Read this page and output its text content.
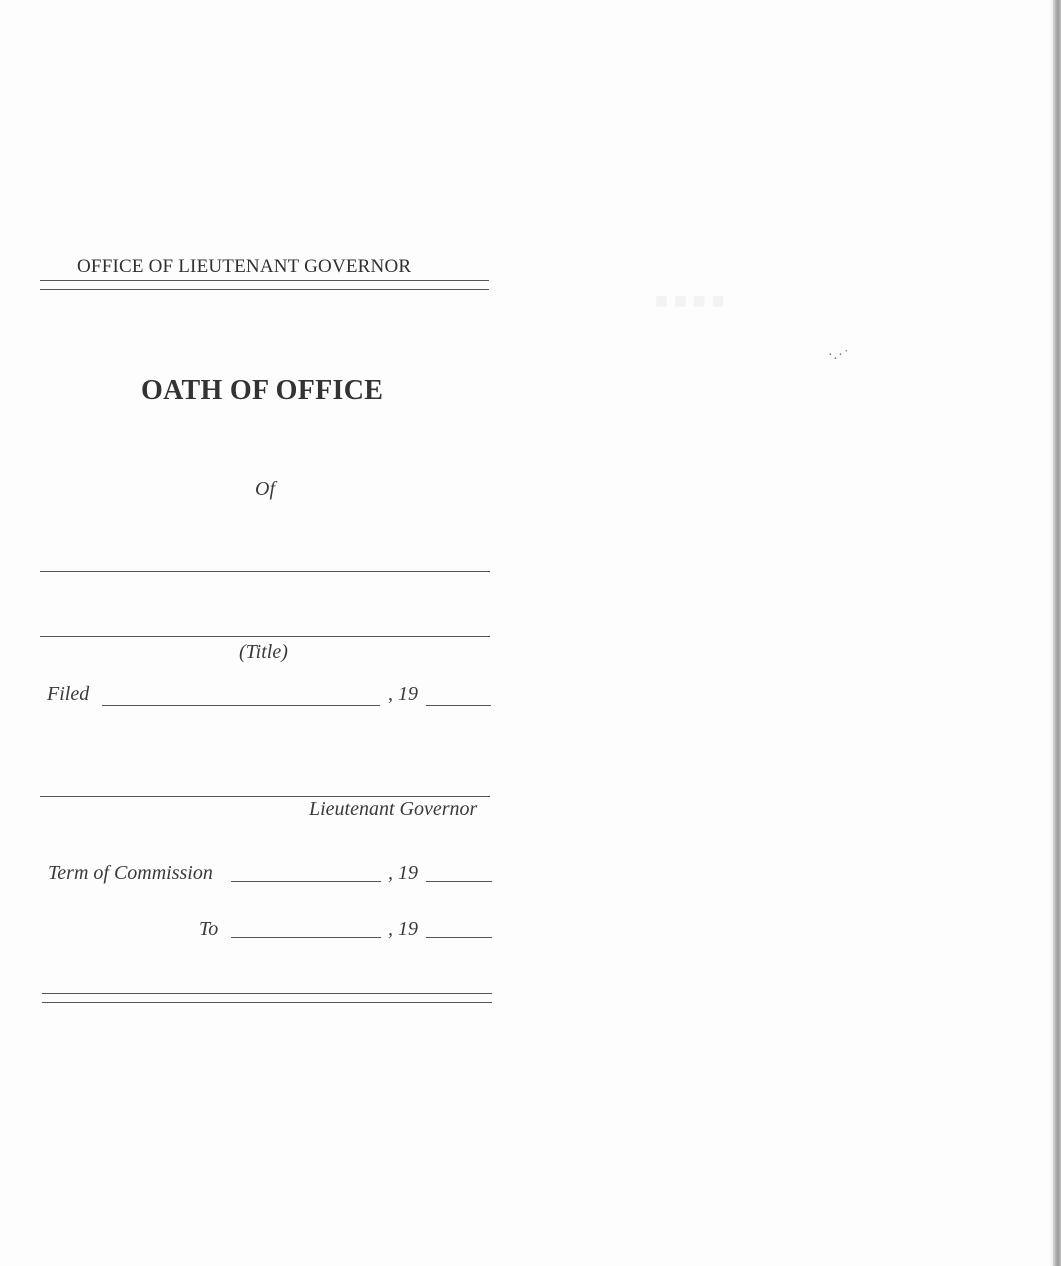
·.·˙
OFFICE OF LIEUTENANT GOVERNOR
OATH OF OFFICE
Of
(Title)
Filed	, 19
Lieutenant Governor
Term of Commission	, 19
To	, 19
